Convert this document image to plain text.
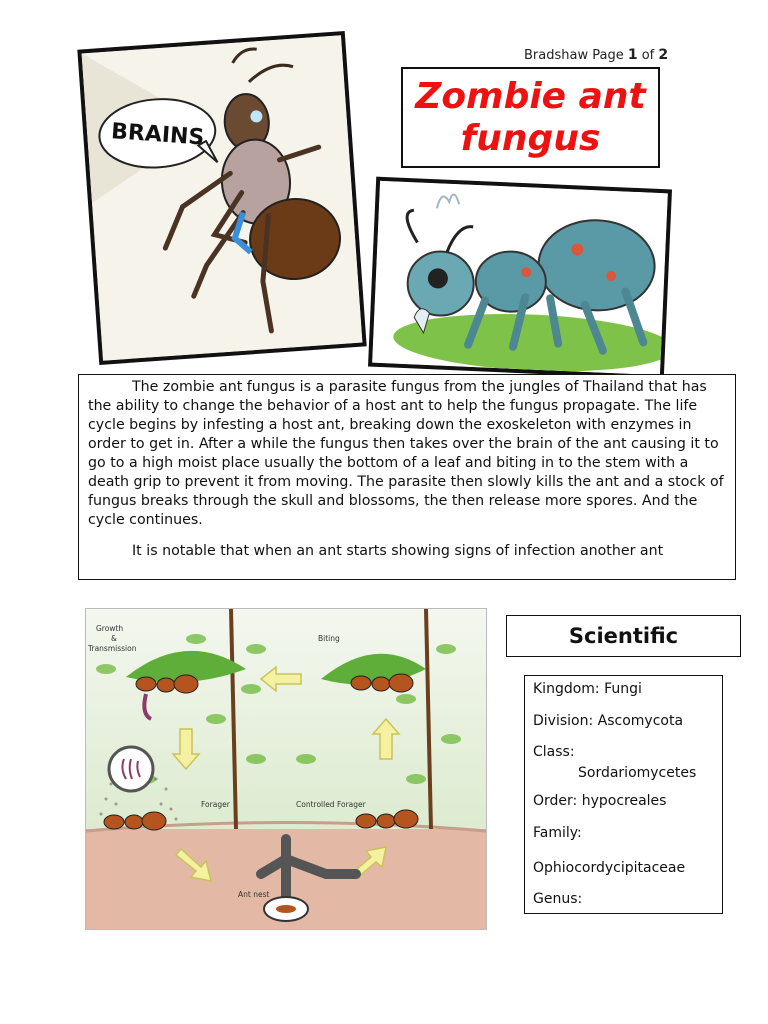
Bradshaw Page 1 of 2
BRAINS
Zombie ant fungus

The zombie ant fungus is a parasite fungus from the jungles of Thailand that has the ability to change the behavior of a host ant to help the fungus propagate. The life cycle begins by infesting a host ant, breaking down the exoskeleton with enzymes in order to get in. After a while the fungus then takes over the brain of the ant causing it to go to a high moist place usually the bottom of a leaf and biting in to the stem with a death grip to prevent it from moving. The parasite then slowly kills the ant and a stock of fungus breaks through the skull and blossoms, the then release more spores. And the cycle continues.

It is notable that when an ant starts showing signs of infection another ant

Growth
&
Transmission
Biting
Forager	Controlled Forager
Ant nest
Scientific
Kingdom: Fungi
Division: Ascomycota
Class:
Sordariomycetes
Order: hypocreales
Family:
Ophiocordycipitaceae
Genus:
